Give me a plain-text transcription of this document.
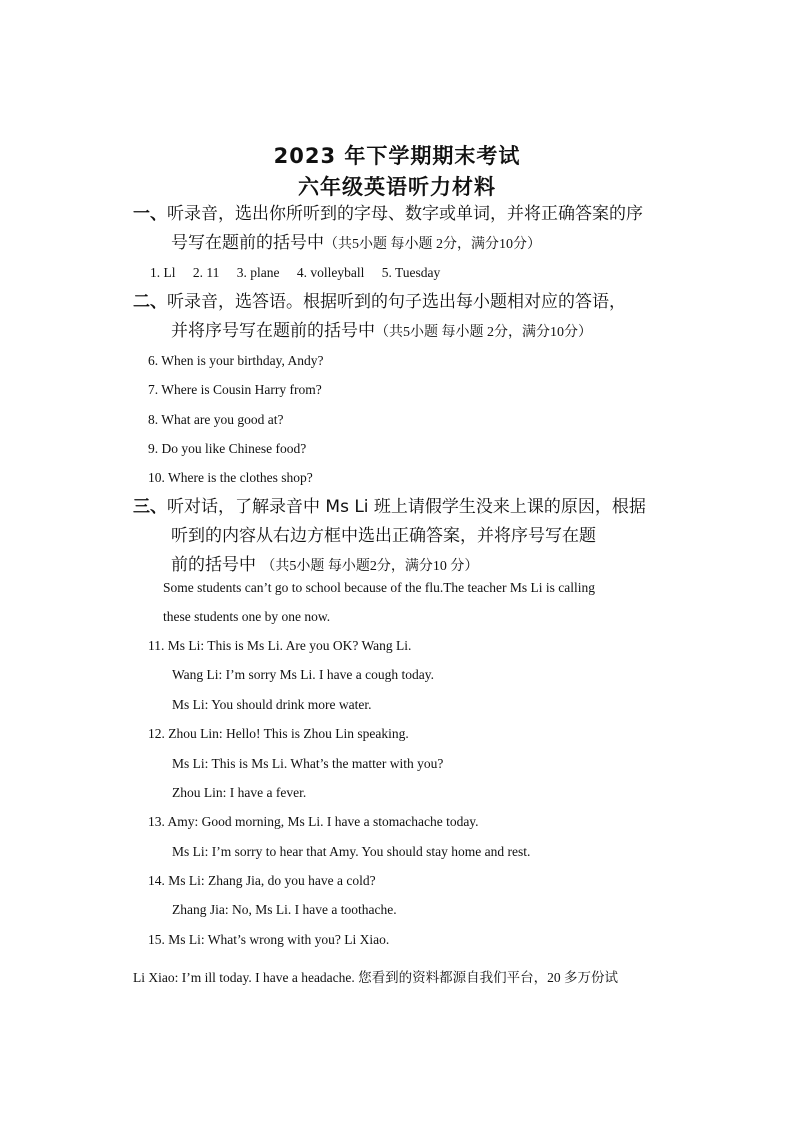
2023 年下学期期末考试
六年级英语听力材料
一、听录音，选出你所听到的字母、数字或单词，并将正确答案的序
号写在题前的括号中（共5小题 每小题 2分，满分10分）
1. Ll 2. 11 3. plane 4. volleyball 5. Tuesday
二、听录音，选答语。根据听到的句子选出每小题相对应的答语，
并将序号写在题前的括号中（共5小题 每小题 2分，满分10分）
6. When is your birthday, Andy?
7. Where is Cousin Harry from?
8. What are you good at?
9. Do you like Chinese food?
10. Where is the clothes shop?
三、听对话，了解录音中 Ms Li 班上请假学生没来上课的原因，根据
听到的内容从右边方框中选出正确答案，并将序号写在题
前的括号中 （共5小题 每小题2分，满分10 分）
Some students can’t go to school because of the flu.The teacher Ms Li is calling
these students one by one now.
11. Ms Li: This is Ms Li. Are you OK? Wang Li.
Wang Li: I’m sorry Ms Li. I have a cough today.
Ms Li: You should drink more water.
12. Zhou Lin: Hello! This is Zhou Lin speaking.
Ms Li: This is Ms Li. What’s the matter with you?
Zhou Lin: I have a fever.
13. Amy: Good morning, Ms Li. I have a stomachache today.
Ms Li: I’m sorry to hear that Amy. You should stay home and rest.
14. Ms Li: Zhang Jia, do you have a cold?
Zhang Jia: No, Ms Li. I have a toothache.
15. Ms Li: What’s wrong with you? Li Xiao.
Li Xiao: I’m ill today. I have a headache. 您看到的资料都源自我们平台，20 多万份试
